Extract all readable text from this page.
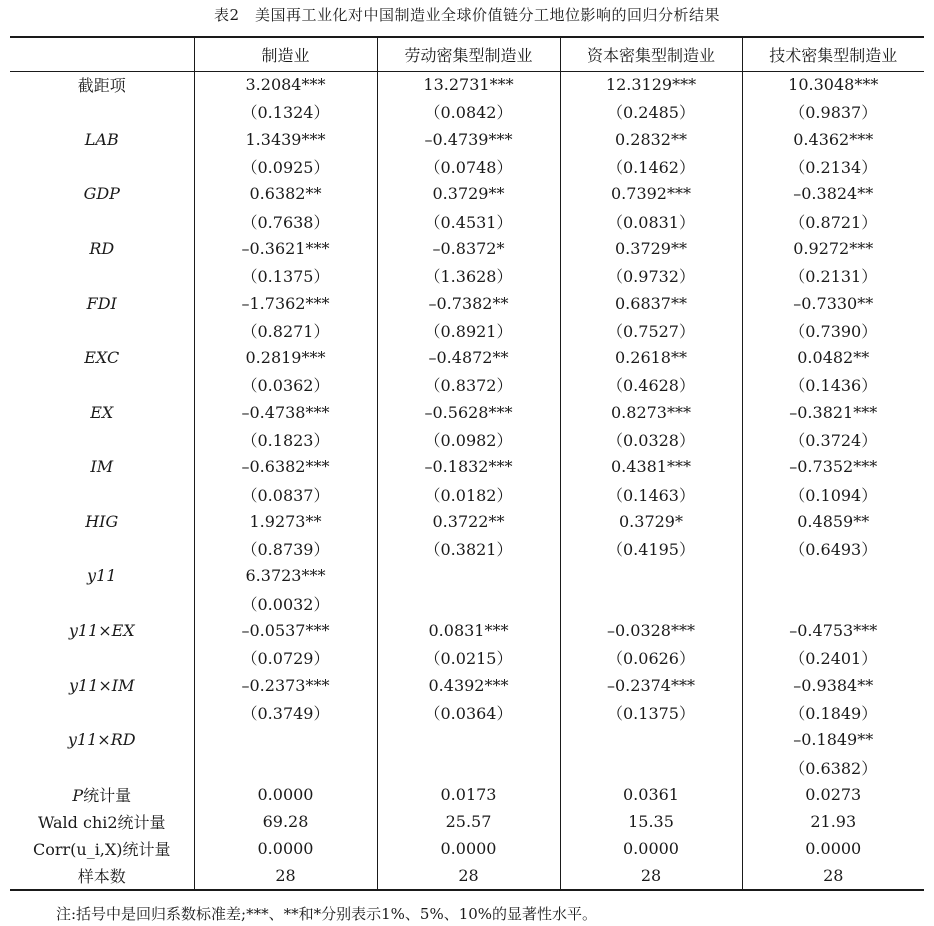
表2　美国再工业化对中国制造业全球价值链分工地位影响的回归分析结果
	制造业	劳动密集型制造业	资本密集型制造业	技术密集型制造业
截距项	3.2084***	13.2731***	12.3129***	10.3048***
	（0.1324）	（0.0842）	（0.2485）	（0.9837）
LAB	1.3439***	–0.4739***	0.2832**	0.4362***
	（0.0925）	（0.0748）	（0.1462）	（0.2134）
GDP	0.6382**	0.3729**	0.7392***	–0.3824**
	（0.7638）	（0.4531）	（0.0831）	（0.8721）
RD	–0.3621***	–0.8372*	0.3729**	0.9272***
	（0.1375）	（1.3628）	（0.9732）	（0.2131）
FDI	–1.7362***	–0.7382**	0.6837**	–0.7330**
	（0.8271）	（0.8921）	（0.7527）	（0.7390）
EXC	0.2819***	–0.4872**	0.2618**	0.0482**
	（0.0362）	（0.8372）	（0.4628）	（0.1436）
EX	–0.4738***	–0.5628***	0.8273***	–0.3821***
	（0.1823）	（0.0982）	（0.0328）	（0.3724）
IM	–0.6382***	–0.1832***	0.4381***	–0.7352***
	（0.0837）	（0.0182）	（0.1463）	（0.1094）
HIG	1.9273**	0.3722**	0.3729*	0.4859**
	（0.8739）	（0.3821）	（0.4195）	（0.6493）
y11	6.3723***			
	（0.0032）			
y11×EX	–0.0537***	0.0831***	–0.0328***	–0.4753***
	（0.0729）	（0.0215）	（0.0626）	（0.2401）
y11×IM	–0.2373***	0.4392***	–0.2374***	–0.9384**
	（0.3749）	（0.0364）	（0.1375）	（0.1849）
y11×RD				–0.1849**
				（0.6382）
P统计量	0.0000	0.0173	0.0361	0.0273
Wald chi2统计量	69.28	25.57	15.35	21.93
Corr(u_i,X)统计量	0.0000	0.0000	0.0000	0.0000
样本数	28	28	28	28
注:括号中是回归系数标准差;***、**和*分别表示1%、5%、10%的显著性水平。
